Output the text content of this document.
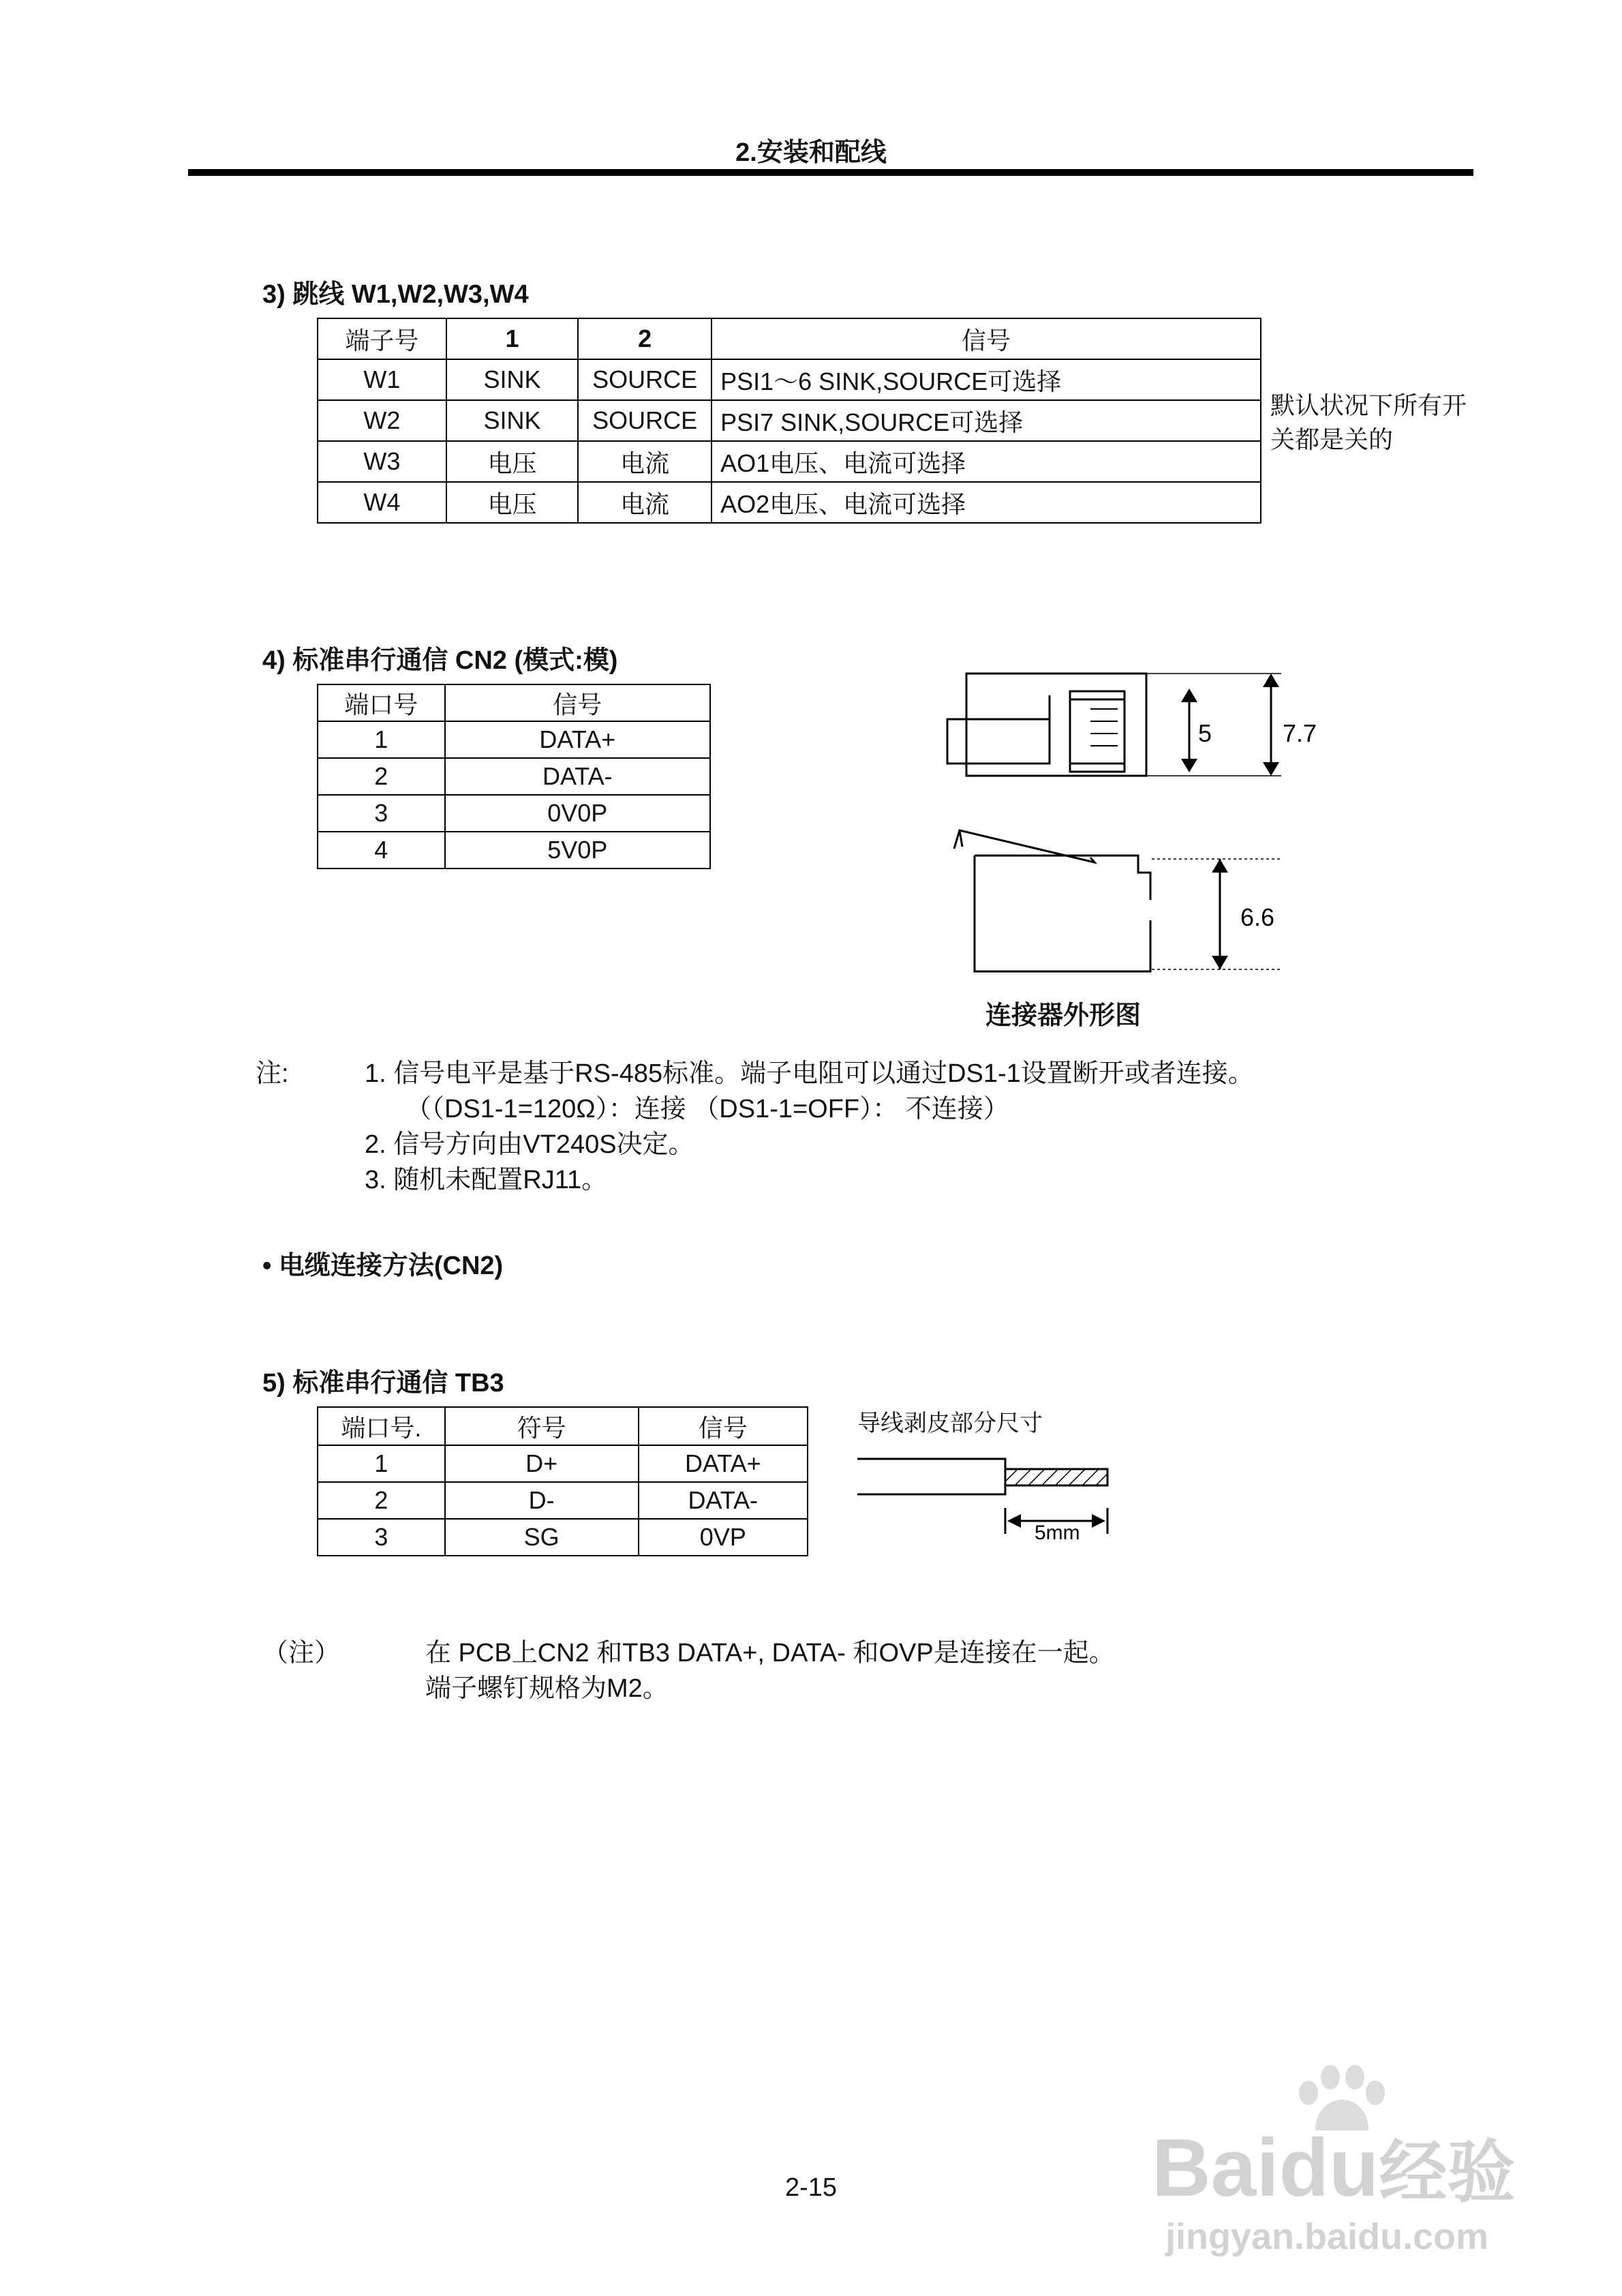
2.安装和配线
3) 跳线 W1,W2,W3,W4
端子号	1	2	信号
W1	SINK	SOURCE	PSI1～6 SINK,SOURCE可选择
W2	SINK	SOURCE	PSI7 SINK,SOURCE可选择
W3	电压	电流	AO1电压、电流可选择
W4	电压	电流	AO2电压、电流可选择
默认状况下所有开关都是关的
4) 标准串行通信 CN2 (模式:模)
端口号	信号
1	DATA+
2	DATA-
3	0V0P
4	5V0P
5	7.7
6.6
连接器外形图
注:	1. 信号电平是基于RS-485标准。端子电阻可以通过DS1-1设置断开或者连接。
（（DS1-1=120Ω）：连接 （DS1-1=OFF）： 不连接）
2. 信号方向由VT240S决定。
3. 随机未配置RJ11。
• 电缆连接方法(CN2)
5) 标准串行通信 TB3
端口号.	符号	信号
1	D+	DATA+
2	D-	DATA-
3	SG	0VP
导线剥皮部分尺寸
5mm
（注）	在 PCB上CN2 和TB3 DATA+, DATA- 和OVP是连接在一起。
端子螺钉规格为M2。
2-15	Baidu经验
jingyan.baidu.com
